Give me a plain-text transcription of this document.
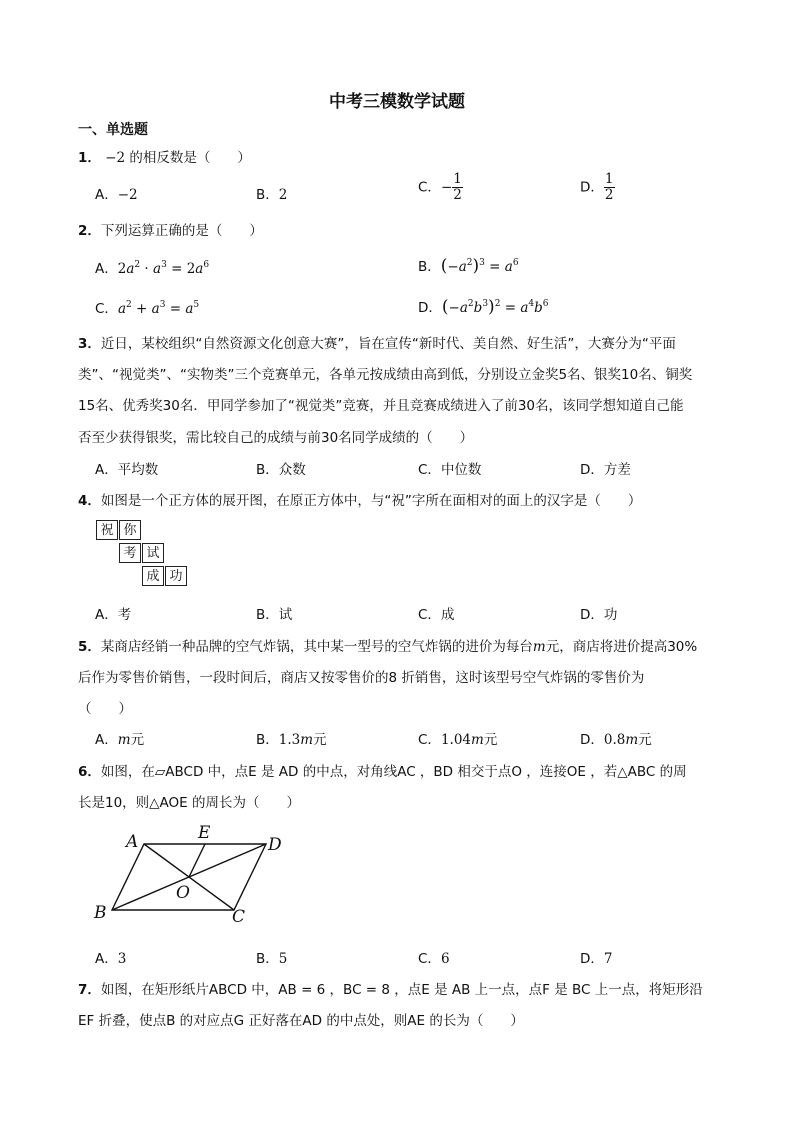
中考三模数学试题
一、单选题
1． −2 的相反数是（　　）
A．−2	B．2	C．− $\frac{1}{2}$	D． $\frac{1}{2}$
2．下列运算正确的是（　　）
A．$2a^2 \cdot a^3 = 2a^6$	B．$(-a^2)^3 = a^6$
C．$a^2 + a^3 = a^5$	D．$(-a^2b^3)^2 = a^4b^6$
3．近日，某校组织“自然资源文化创意大赛”，旨在宣传“新时代、美自然、好生活”，大赛分为“平面
类”、“视觉类”、“实物类”三个竞赛单元，各单元按成绩由高到低，分别设立金奖5名、银奖10名、铜奖
15名、优秀奖30名．甲同学参加了“视觉类”竞赛，并且竞赛成绩进入了前30名，该同学想知道自己能
否至少获得银奖，需比较自己的成绩与前30名同学成绩的（　　）
A．平均数	B．众数	C．中位数	D．方差
4．如图是一个正方体的展开图，在原正方体中，与“祝”字所在面相对的面上的汉字是（　　）
祝 你
考 试
成 功
A．考	B．试	C．成	D．功
5．某商店经销一种品牌的空气炸锅，其中某一型号的空气炸锅的进价为每台m元，商店将进价提高30%
后作为零售价销售，一段时间后，商店又按零售价的8 折销售，这时该型号空气炸锅的零售价为
（　　）
A．m元	B．1.3m元	C．1.04m元	D．0.8m元
6．如图，在▱ABCD 中，点E 是 AD 的中点，对角线AC ，BD 相交于点O ，连接OE ，若△ABC 的周
长是10，则△AOE 的周长为（　　）
A	E
D
O
B	C
A．3	B．5	C．6	D．7
7．如图，在矩形纸片ABCD 中，AB = 6 ，BC = 8 ，点E 是 AB 上一点，点F 是 BC 上一点，将矩形沿
EF 折叠，使点B 的对应点G 正好落在AD 的中点处，则AE 的长为（　　）
